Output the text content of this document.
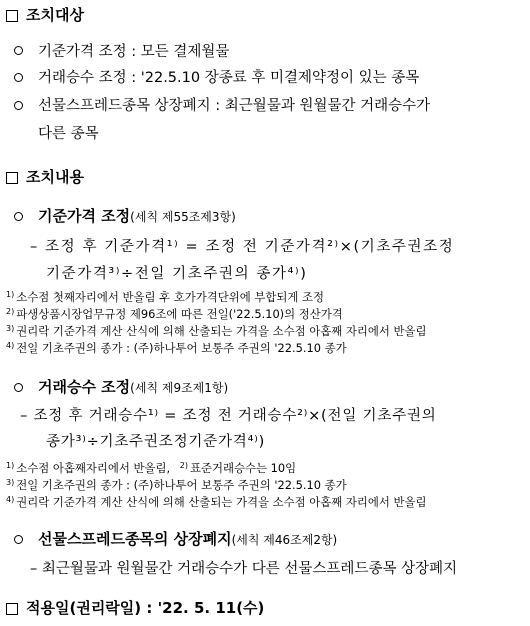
조치대상
기준가격 조정 : 모든 결제월물
거래승수 조정 : '22.5.10 장종료 후 미결제약정이 있는 종목
선물스프레드종목 상장폐지 : 최근월물과 원월물간 거래승수가
다른 종목
조치내용
기준가격 조정(세칙 제55조제3항)
– 조정 후 기준가격¹⁾ = 조정 전 기준가격²⁾×(기초주권조정
기준가격³⁾÷전일 기초주권의 종가⁴⁾)
$^{1)}$ 소수점 첫째자리에서 반올림 후 호가가격단위에 부합되게 조정
$^{2)}$ 파생상품시장업무규정 제96조에 따른 전일('22.5.10)의 정산가격
$^{3)}$ 권리락 기준가격 계산 산식에 의해 산출되는 가격을 소수점 아홉째 자리에서 반올림
$^{4)}$ 전일 기초주권의 종가 : (주)하나투어 보통주 주권의 '22.5.10 종가
거래승수 조정(세칙 제9조제1항)
– 조정 후 거래승수¹⁾ = 조정 전 거래승수²⁾×(전일 기초주권의
종가³⁾÷기초주권조정기준가격⁴⁾)
$^{1)}$ 소수점 아홉째자리에서 반올림, $^{2)}$ 표준거래승수는 10임
$^{3)}$ 전일 기초주권의 종가 : (주)하나투어 보통주 주권의 '22.5.10 종가
$^{4)}$ 권리락 기준가격 계산 산식에 의해 산출되는 가격을 소수점 아홉째 자리에서 반올림
선물스프레드종목의 상장폐지(세칙 제46조제2항)
– 최근월물과 원월물간 거래승수가 다른 선물스프레드종목 상장폐지
적용일(권리락일) : '22. 5. 11(수)
